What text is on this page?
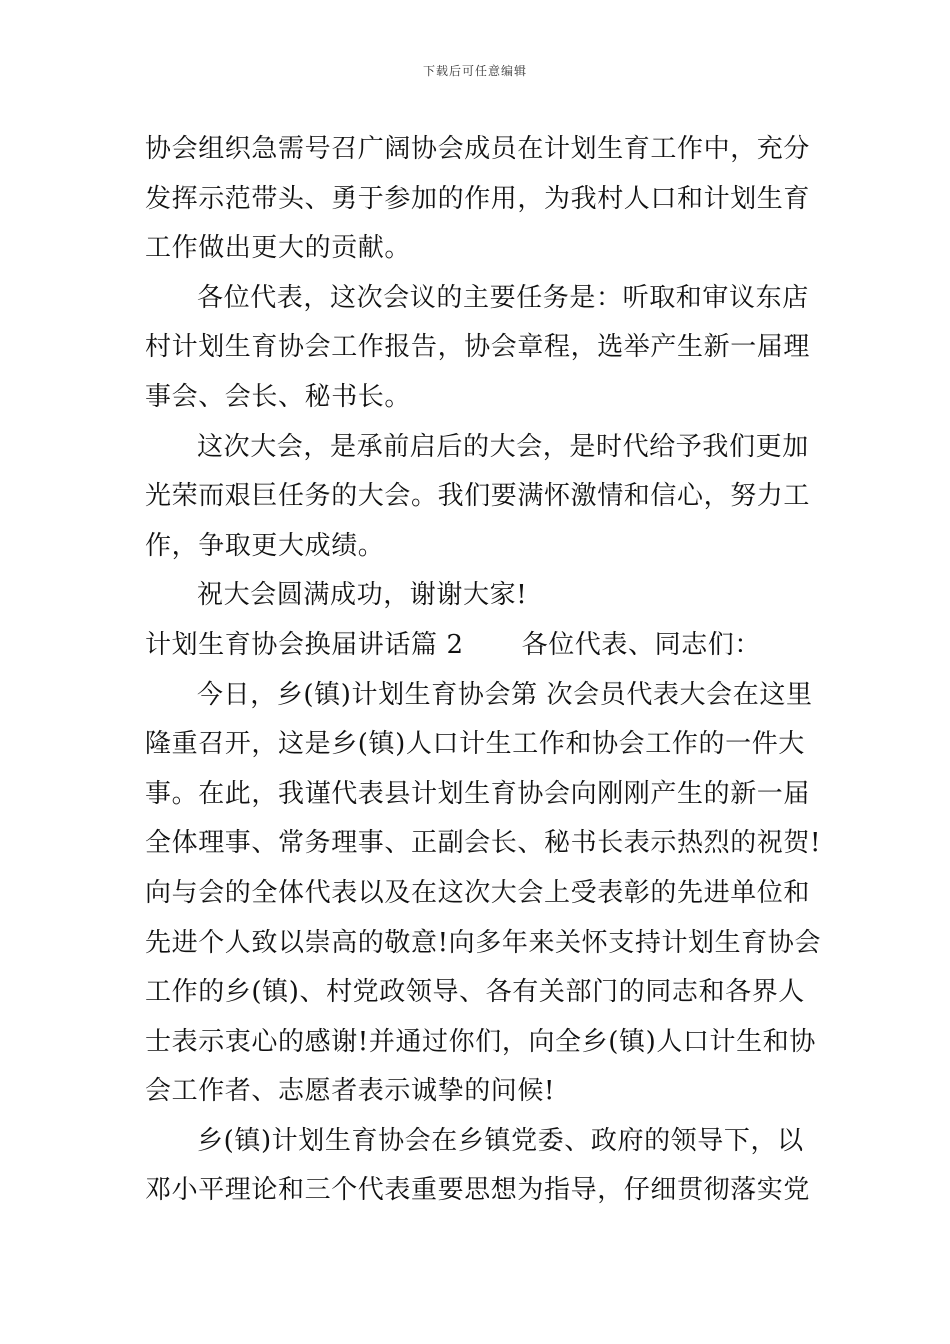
下载后可任意编辑
协会组织急需号召广阔协会成员在计划生育工作中，充分
发挥示范带头、勇于参加的作用，为我村人口和计划生育
工作做出更大的贡献。
各位代表，这次会议的主要任务是：听取和审议东店
村计划生育协会工作报告，协会章程，选举产生新一届理
事会、会长、秘书长。
这次大会，是承前启后的大会，是时代给予我们更加
光荣而艰巨任务的大会。我们要满怀激情和信心，努力工
作，争取更大成绩。
祝大会圆满成功，谢谢大家!
计划生育协会换届讲话篇 2 各位代表、同志们：
今日，乡(镇)计划生育协会第 次会员代表大会在这里
隆重召开，这是乡(镇)人口计生工作和协会工作的一件大
事。在此，我谨代表县计划生育协会向刚刚产生的新一届
全体理事、常务理事、正副会长、秘书长表示热烈的祝贺!
向与会的全体代表以及在这次大会上受表彰的先进单位和
先进个人致以崇高的敬意!向多年来关怀支持计划生育协会
工作的乡(镇)、村党政领导、各有关部门的同志和各界人
士表示衷心的感谢!并通过你们，向全乡(镇)人口计生和协
会工作者、志愿者表示诚挚的问候!
乡(镇)计划生育协会在乡镇党委、政府的领导下，以
邓小平理论和三个代表重要思想为指导，仔细贯彻落实党
